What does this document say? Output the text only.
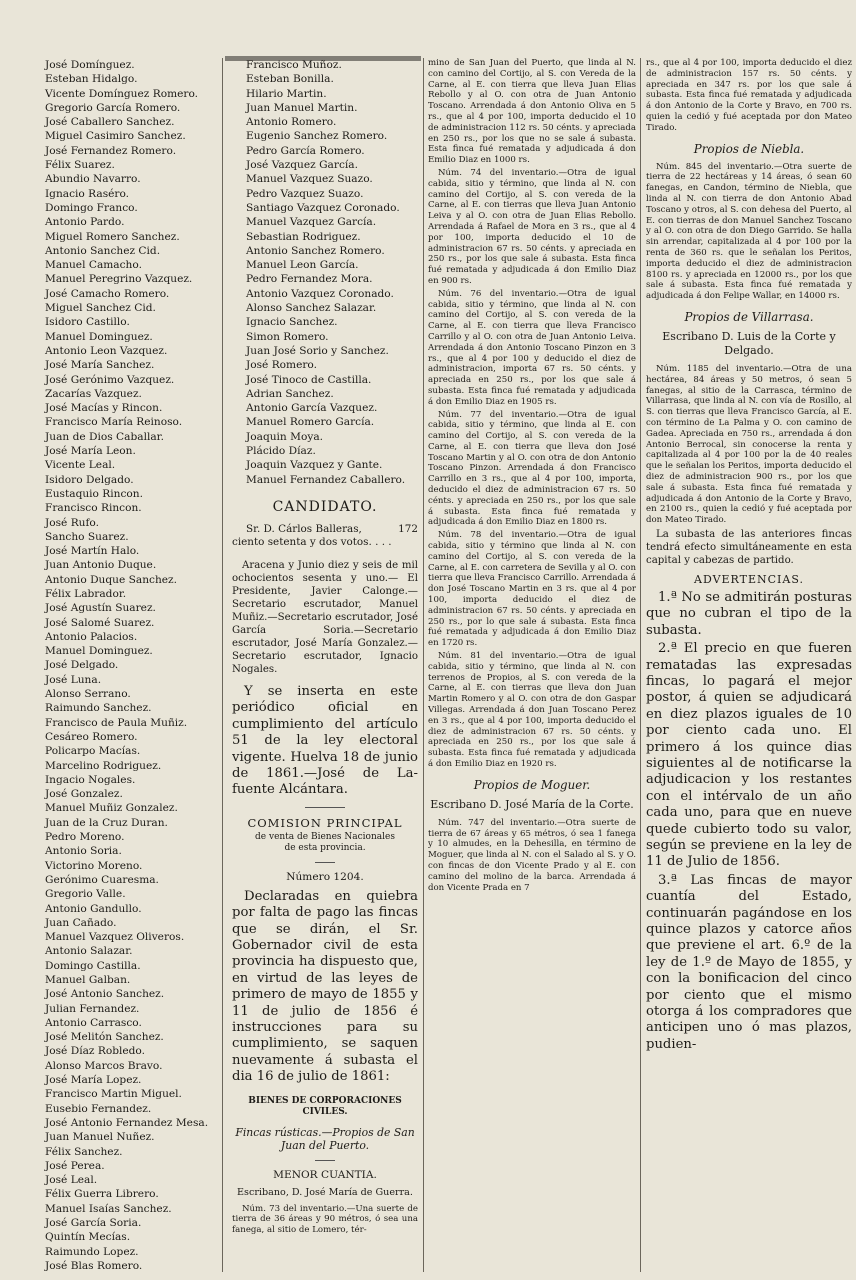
José Domínguez.
Esteban Hidalgo.
Vicente Domínguez Romero.
Gregorio García Romero.
José Caballero Sanchez.
Miguel Casimiro Sanchez.
José Fernandez Romero.
Félix Suarez.
Abundio Navarro.
Ignacio Raséro.
Domingo Franco.
Antonio Pardo.
Miguel Romero Sanchez.
Antonio Sanchez Cid.
Manuel Camacho.
Manuel Peregrino Vazquez.
José Camacho Romero.
Miguel Sanchez Cid.
Isidoro Castillo.
Manuel Dominguez.
Antonio Leon Vazquez.
José María Sanchez.
José Gerónimo Vazquez.
Zacarías Vazquez.
José Macías y Rincon.
Francisco María Reinoso.
Juan de Dios Caballar.
José María Leon.
Vicente Leal.
Isidoro Delgado.
Eustaquio Rincon.
Francisco Rincon.
José Rufo.
Sancho Suarez.
José Martín Halo.
Juan Antonio Duque.
Antonio Duque Sanchez.
Félix Labrador.
José Agustín Suarez.
José Salomé Suarez.
Antonio Palacios.
Manuel Dominguez.
José Delgado.
José Luna.
Alonso Serrano.
Raimundo Sanchez.
Francisco de Paula Muñiz.
Cesáreo Romero.
Policarpo Macías.
Marcelino Rodriguez.
Ingacio Nogales.
José Gonzalez.
Manuel Muñiz Gonzalez.
Juan de la Cruz Duran.
Pedro Moreno.
Antonio Soria.
Victorino Moreno.
Gerónimo Cuaresma.
Gregorio Valle.
Antonio Gandullo.
Juan Cañado.
Manuel Vazquez Oliveros.
Antonio Salazar.
Domingo Castilla.
Manuel Galban.
José Antonio Sanchez.
Julian Fernandez.
Antonio Carrasco.
José Melitón Sanchez.
José Díaz Robledo.
Alonso Marcos Bravo.
José María Lopez.
Francisco Martin Miguel.
Eusebio Fernandez.
José Antonio Fernandez Mesa.
Juan Manuel Nuñez.
Félix Sanchez.
José Perea.
José Leal.
Félix Guerra Librero.
Manuel Isaías Sanchez.
José García Soria.
Quintín Mecías.
Raimundo Lopez.
José Blas Romero.
Francisco Muñoz.
Esteban Bonilla.
Hilario Martin.
Juan Manuel Martin.
Antonio Romero.
Eugenio Sanchez Romero.
Pedro García Romero.
José Vazquez García.
Manuel Vazquez Suazo.
Pedro Vazquez Suazo.
Santiago Vazquez Coronado.
Manuel Vazquez García.
Sebastian Rodriguez.
Antonio Sanchez Romero.
Manuel Leon García.
Pedro Fernandez Mora.
Antonio Vazquez Coronado.
Alonso Sanchez Salazar.
Ignacio Sanchez.
Simon Romero.
Juan José Sorio y Sanchez.
José Romero.
José Tinoco de Castilla.
Adrian Sanchez.
Antonio García Vazquez.
Manuel Romero García.
Joaquin Moya.
Plácido Díaz.
Joaquin Vazquez y Gante.
Manuel Fernandez Caballero.
CANDIDATO.
172
Sr. D. Cárlos Balleras, ciento setenta y dos votos. . . .

Aracena y Junio diez y seis de mil ochocientos sesenta y uno.— El Presidente, Javier Calonge.— Secretario escrutador, Manuel Muñiz.—Secretario escrutador, José García Soria.—Secretario escrutador, José María Gonzalez.—Secretario escrutador, Ignacio Nogales.

Y se inserta en este periódico oficial en cumplimiento del artículo 51 de la ley electoral vigente. Huelva 18 de junio de 1861.—José de La-fuente Alcántara.

COMISION PRINCIPAL
de venta de Bienes Nacionales
de esta provincia.
Número 1204.

Declaradas en quiebra por falta de pago las fincas que se dirán, el Sr. Gobernador civil de esta provincia ha dispuesto que, en virtud de las leyes de primero de mayo de 1855 y 11 de julio de 1856 é instrucciones para su cumplimiento, se saquen nuevamente á subasta el dia 16 de julio de 1861:

BIENES DE CORPORACIONES CIVILES.
Fincas rústicas.—Propios de San Juan del Puerto.
MENOR CUANTIA.
Escribano, D. José María de Guerra.

Núm. 73 del inventario.—Una suerte de tierra de 36 áreas y 90 métros, ó sea una fanega, al sitio de Lomero, tér-

mino de San Juan del Puerto, que linda al N. con camino del Cortijo, al S. con Vereda de la Carne, al E. con tierra que lleva Juan Elias Rebollo y al O. con otra de Juan Antonio Toscano. Arrendada á don Antonio Oliva en 5 rs., que al 4 por 100, importa deducido el 10 de administracion 112 rs. 50 cénts. y apreciada en 250 rs., por los que no se sale á subasta. Esta finca fué rematada y adjudicada á don Emilio Diaz en 1000 rs.

Núm. 74 del inventario.—Otra de igual cabida, sitio y término, que linda al N. con camino del Cortijo, al S. con vereda de la Carne, al E. con tierras que lleva Juan Antonio Leiva y al O. con otra de Juan Elias Rebollo. Arrendada á Rafael de Mora en 3 rs., que al 4 por 100, importa deducido el 10 de administracion 67 rs. 50 cénts. y apreciada en 250 rs., por los que sale á subasta. Esta finca fué rematada y adjudicada á don Emilio Diaz en 900 rs.

Núm. 76 del inventario.—Otra de igual cabida, sitio y término, que linda al N. con camino del Cortijo, al S. con vereda de la Carne, al E. con tierra que lleva Francisco Carrillo y al O. con otra de Juan Antonio Leiva. Arrendada á don Antonio Toscano Pinzon en 3 rs., que al 4 por 100 y deducido el diez de administracion, importa 67 rs. 50 cénts. y apreciada en 250 rs., por los que sale á subasta. Esta finca fué rematada y adjudicada á don Emilio Diaz en 1905 rs.

Núm. 77 del inventario.—Otra de igual cabida, sitio y término, que linda al E. con camino del Cortijo, al S. con vereda de la Carne, al E. con tierra que lleva don José Toscano Martin y al O. con otra de don Antonio Toscano Pinzon. Arrendada á don Francisco Carrillo en 3 rs., que al 4 por 100, importa, deducido el diez de administracion 67 rs. 50 cénts. y apreciada en 250 rs., por los que sale á subasta. Esta finca fué rematada y adjudicada á don Emilio Diaz en 1800 rs.

Núm. 78 del inventario.—Otra de igual cabida, sitio y término que linda al N. con camino del Cortijo, al S. con vereda de la Carne, al E. con carretera de Sevilla y al O. con tierra que lleva Francisco Carrillo. Arrendada á don José Toscano Martin en 3 rs. que al 4 por 100, importa deducido el diez de administracion 67 rs. 50 cénts. y apreciada en 250 rs., por lo que sale á subasta. Esta finca fué rematada y adjudicada á don Emilio Diaz en 1720 rs.

Núm. 81 del inventario.—Otra de igual cabida, sitio y término, que linda al N. con terrenos de Propios, al S. con vereda de la Carne, al E. con tierras que lleva don Juan Martin Romero y al O. con otra de don Gaspar Villegas. Arrendada á don Juan Toscano Perez en 3 rs., que al 4 por 100, importa deducido el diez de administracion 67 rs. 50 cénts. y apreciada en 250 rs., por los que sale á subasta. Esta finca fué rematada y adjudicada á don Emilio Diaz en 1920 rs.

Propios de Moguer.
Escribano D. José María de la Corte.

Núm. 747 del inventario.—Otra suerte de tierra de 67 áreas y 65 métros, ó sea 1 fanega y 10 almudes, en la Dehesilla, en término de Moguer, que linda al N. con el Salado al S. y O. con fincas de don Vicente Prado y al E. con camino del molino de la barca. Arrendada á don Vicente Prada en 7

rs., que al 4 por 100, importa deducido el diez de administracion 157 rs. 50 cénts. y apreciada en 347 rs. por los que sale á subasta. Esta finca fué rematada y adjudicada á don Antonio de la Corte y Bravo, en 700 rs. quien la cedió y fué aceptada por don Mateo Tirado.

Propios de Niebla.

Núm. 845 del inventario.—Otra suerte de tierra de 22 hectáreas y 14 áreas, ó sean 60 fanegas, en Candon, término de Niebla, que linda al N. con tierra de don Antonio Abad Toscano y otros, al S. con dehesa del Puerto, al E. con tierras de don Manuel Sanchez Toscano y al O. con otra de don Diego Garrido. Se halla sin arrendar, capitalizada al 4 por 100 por la renta de 360 rs. que le señalan los Peritos, importa deducido el diez de administracion 8100 rs. y apreciada en 12000 rs., por los que sale á subasta. Esta finca fué rematada y adjudicada á don Felipe Wallar, en 14000 rs.

Propios de Villarrasa.
Escribano D. Luis de la Corte y Delgado.

Núm. 1185 del inventario.—Otra de una hectárea, 84 áreas y 50 metros, ó sean 5 fanegas, al sitio de la Carrasca, término de Villarrasa, que linda al N. con vía de Rosillo, al S. con tierras que lleva Francisco García, al E. con término de La Palma y O. con camino de Gadea. Apreciada en 750 rs., arrendada á don Antonio Berrocal, sin conocerse la renta y capitalizada al 4 por 100 por la de 40 reales que le señalan los Peritos, importa deducido el diez de administracion 900 rs., por los que sale á subasta. Esta finca fué rematada y adjudicada á don Antonio de la Corte y Bravo, en 2100 rs., quien la cedió y fué aceptada por don Mateo Tirado.

La subasta de las anteriores fincas tendrá efecto simultáneamente en esta capital y cabezas de partido.

ADVERTENCIAS.

1.ª No se admitirán posturas que no cubran el tipo de la subasta.

2.ª El precio en que fueren rematadas las expresadas fincas, lo pagará el mejor postor, á quien se adjudicará en diez plazos iguales de 10 por ciento cada uno. El primero á los quince dias siguientes al de notificarse la adjudicacion y los restantes con el intérvalo de un año cada uno, para que en nueve quede cubierto todo su valor, según se previene en la ley de 11 de Julio de 1856.

3.ª Las fincas de mayor cuantía del Estado, continuarán pagándose en los quince plazos y catorce años que previene el art. 6.º de la ley de 1.º de Mayo de 1855, y con la bonificacion del cinco por ciento que el mismo otorga á los compradores que anticipen uno ó mas plazos, pudien-
